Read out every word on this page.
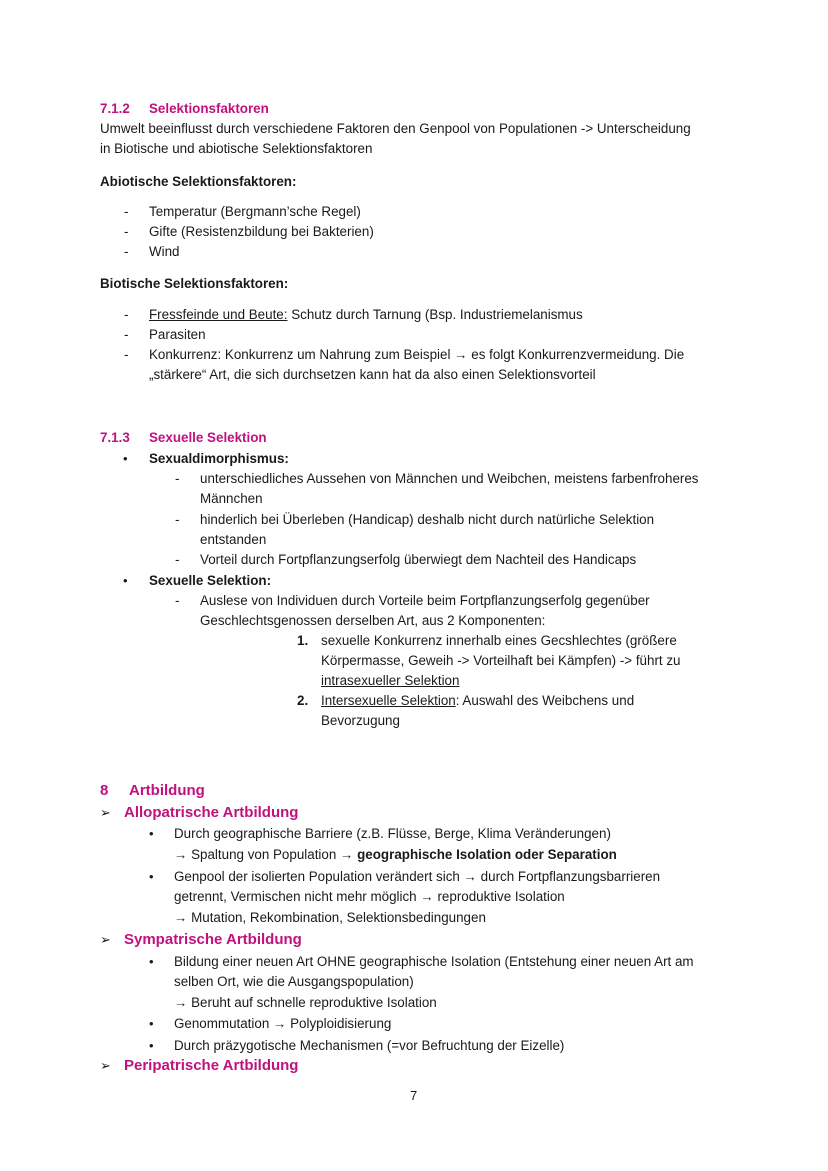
7.1.2 Selektionsfaktoren
Umwelt beeinflusst durch verschiedene Faktoren den Genpool von Populationen -> Unterscheidung
in Biotische und abiotische Selektionsfaktoren
Abiotische Selektionsfaktoren:
- Temperatur (Bergmann’sche Regel)
- Gifte (Resistenzbildung bei Bakterien)
- Wind
Biotische Selektionsfaktoren:
- Fressfeinde und Beute: Schutz durch Tarnung (Bsp. Industriemelanismus
- Parasiten
- Konkurrenz: Konkurrenz um Nahrung zum Beispiel → es folgt Konkurrenzvermeidung. Die
„stärkere“ Art, die sich durchsetzen kann hat da also einen Selektionsvorteil
7.1.3 Sexuelle Selektion
• Sexualdimorphismus:
- unterschiedliches Aussehen von Männchen und Weibchen, meistens farbenfroheres
Männchen
- hinderlich bei Überleben (Handicap) deshalb nicht durch natürliche Selektion
entstanden
- Vorteil durch Fortpflanzungserfolg überwiegt dem Nachteil des Handicaps
• Sexuelle Selektion:
- Auslese von Individuen durch Vorteile beim Fortpflanzungserfolg gegenüber
Geschlechtsgenossen derselben Art, aus 2 Komponenten:
1. sexuelle Konkurrenz innerhalb eines Gecshlechtes (größere
Körpermasse, Geweih -> Vorteilhaft bei Kämpfen) -> führt zu
intrasexueller Selektion
2. Intersexuelle Selektion: Auswahl des Weibchens und
Bevorzugung
8 Artbildung
➢ Allopatrische Artbildung
• Durch geographische Barriere (z.B. Flüsse, Berge, Klima Veränderungen)
→ Spaltung von Population → geographische Isolation oder Separation
• Genpool der isolierten Population verändert sich → durch Fortpflanzungsbarrieren
getrennt, Vermischen nicht mehr möglich → reproduktive Isolation
→ Mutation, Rekombination, Selektionsbedingungen
➢ Sympatrische Artbildung
• Bildung einer neuen Art OHNE geographische Isolation (Entstehung einer neuen Art am
selben Ort, wie die Ausgangspopulation)
→ Beruht auf schnelle reproduktive Isolation
• Genommutation → Polyploidisierung
• Durch präzygotische Mechanismen (=vor Befruchtung der Eizelle)
➢ Peripatrische Artbildung
7
